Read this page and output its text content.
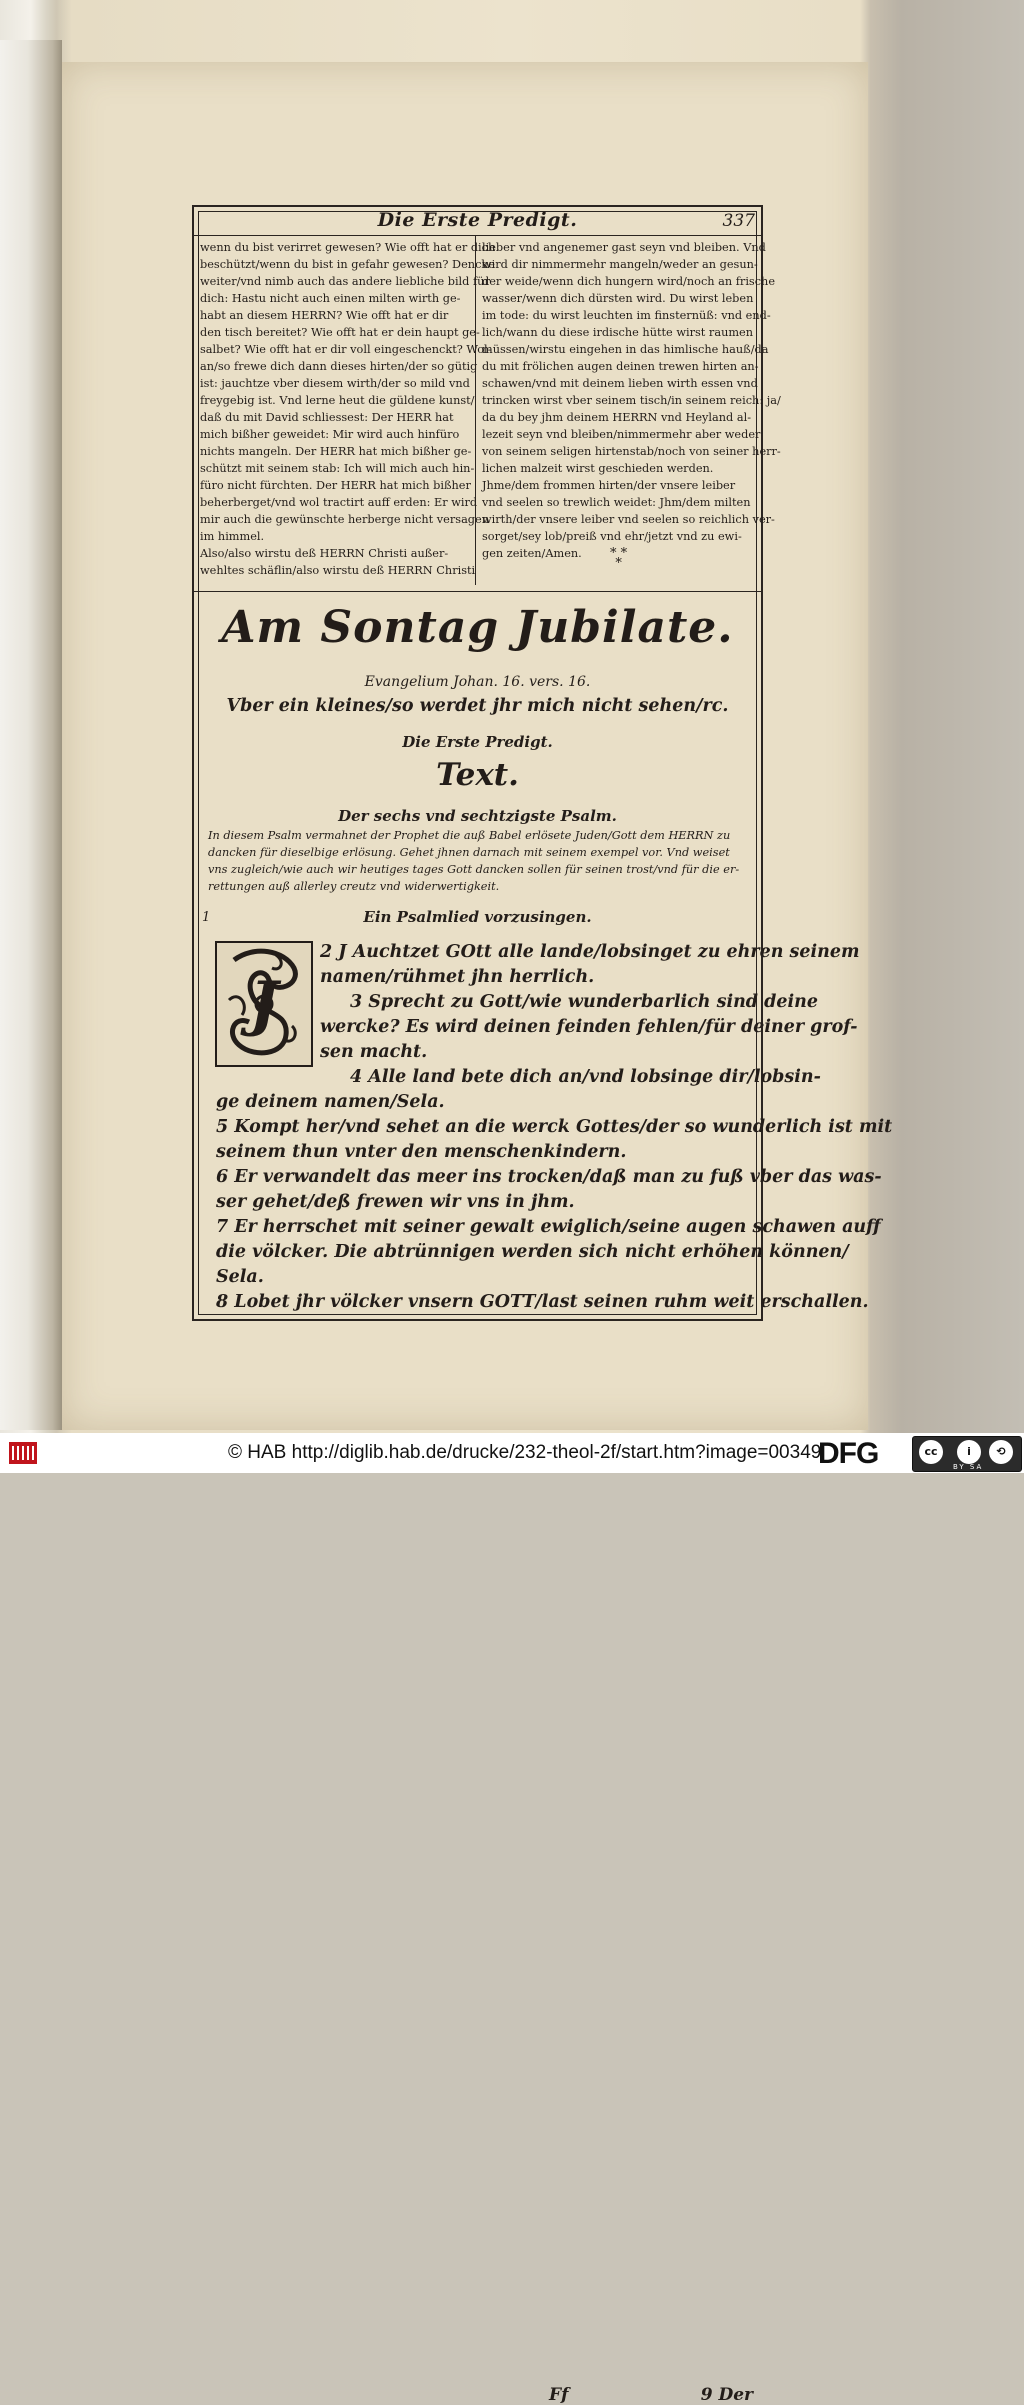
Die Erste Predigt.	337
wenn du bist verirret gewesen? Wie offt hat er dich
beschützt/wenn du bist in gefahr gewesen? Dencke
weiter/vnd nimb auch das andere liebliche bild für
dich: Hastu nicht auch einen milten wirth ge-
habt an diesem HERRN? Wie offt hat er dir
den tisch bereitet? Wie offt hat er dein haupt ge-
salbet? Wie offt hat er dir voll eingeschenckt? Wol-
an/so frewe dich dann dieses hirten/der so gütig
ist: jauchtze vber diesem wirth/der so mild vnd
freygebig ist. Vnd lerne heut die güldene kunst/
daß du mit David schliessest: Der HERR hat
mich bißher geweidet: Mir wird auch hinfüro
nichts mangeln. Der HERR hat mich bißher ge-
schützt mit seinem stab: Ich will mich auch hin-
füro nicht fürchten. Der HERR hat mich bißher
beherberget/vnd wol tractirt auff erden: Er wird
mir auch die gewünschte herberge nicht versagen
im himmel.
Also/also wirstu deß HERRN Christi außer-
wehltes schäflin/also wirstu deß HERRN Christi
lieber vnd angenemer gast seyn vnd bleiben. Vnd
wird dir nimmermehr mangeln/weder an gesun-
der weide/wenn dich hungern wird/noch an frische
wasser/wenn dich dürsten wird. Du wirst leben
im tode: du wirst leuchten im finsternüß: vnd end-
lich/wann du diese irdische hütte wirst raumen
müssen/wirstu eingehen in das himlische hauß/da
du mit frölichen augen deinen trewen hirten an-
schawen/vnd mit deinem lieben wirth essen vnd
trincken wirst vber seinem tisch/in seinem reich: ja/
da du bey jhm deinem HERRN vnd Heyland al-
lezeit seyn vnd bleiben/nimmermehr aber weder
von seinem seligen hirtenstab/noch von seiner herr-
lichen malzeit wirst geschieden werden.
Jhme/dem frommen hirten/der vnsere leiber
vnd seelen so trewlich weidet: Jhm/dem milten
wirth/der vnsere leiber vnd seelen so reichlich ver-
sorget/sey lob/preiß vnd ehr/jetzt vnd zu ewi-
gen zeiten/Amen.	* *
*
Am Sontag Jubilate.
Evangelium Johan. 16. vers. 16.
Vber ein kleines/so werdet jhr mich nicht sehen/rc.
Die Erste Predigt.
Text.
Der sechs vnd sechtzigste Psalm.
In diesem Psalm vermahnet der Prophet die auß Babel erlösete Juden/Gott dem HERRN zu
dancken für dieselbige erlösung. Gehet jhnen darnach mit seinem exempel vor. Vnd weiset
vns zugleich/wie auch wir heutiges tages Gott dancken sollen für seinen trost/vnd für die er-
rettungen auß allerley creutz vnd widerwertigkeit.
1	Ein Psalmlied vorzusingen.
J
2 J Auchtzet GOtt alle lande/lobsinget zu ehren seinem
namen/rühmet jhn herrlich.
3 Sprecht zu Gott/wie wunderbarlich sind deine
wercke? Es wird deinen feinden fehlen/für deiner grof-
sen macht.
4 Alle land bete dich an/vnd lobsinge dir/lobsin-
ge deinem namen/Sela.
5 Kompt her/vnd sehet an die werck Gottes/der so wunderlich ist mit
seinem thun vnter den menschenkindern.
6 Er verwandelt das meer ins trocken/daß man zu fuß vber das was-
ser gehet/deß frewen wir vns in jhm.
7 Er herrschet mit seiner gewalt ewiglich/seine augen schawen auff
die völcker. Die abtrünnigen werden sich nicht erhöhen können/
Sela.
8 Lobet jhr völcker vnsern GOTT/last seinen ruhm weit erschallen.
Ff	9 Der
© HAB http://diglib.hab.de/drucke/232-theol-2f/start.htm?image=00349
DFG	cc	i	⟲
BY SA
